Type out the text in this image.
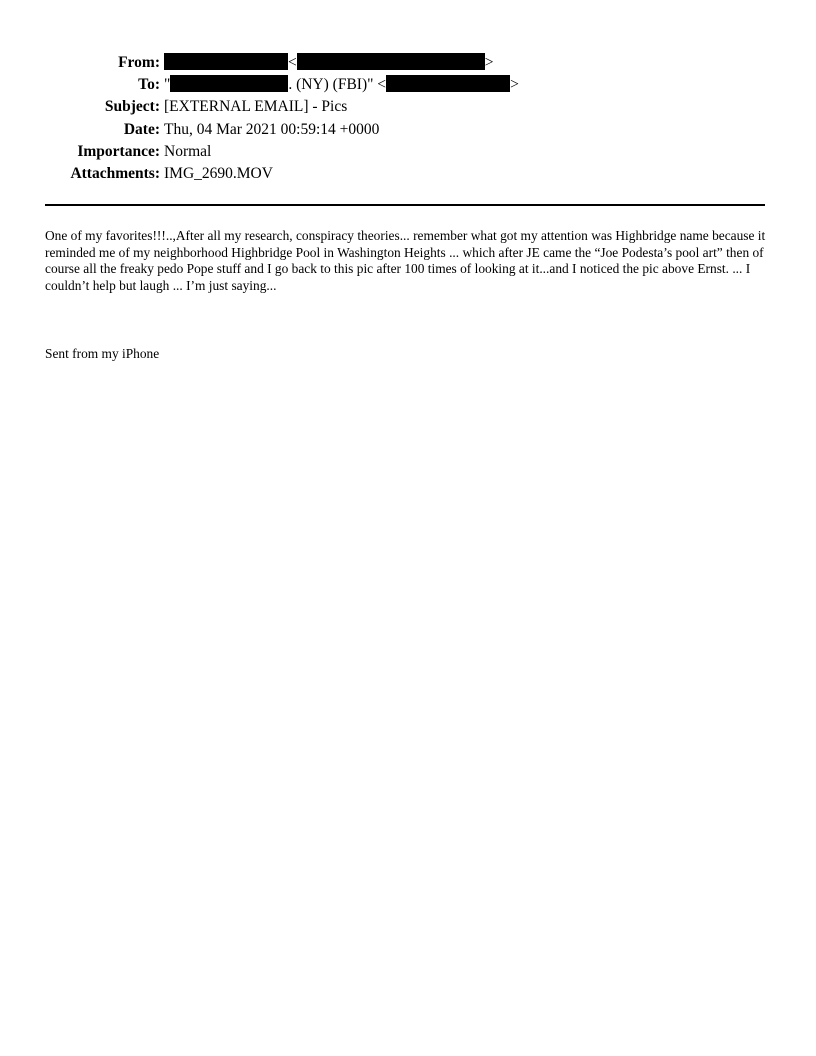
From:	<	>
To: "	. (NY) (FBI)" <	>
Subject: [EXTERNAL EMAIL] - Pics
Date: Thu, 04 Mar 2021 00:59:14 +0000
Importance: Normal
Attachments: IMG_2690.MOV
One of my favorites!!!..,After all my research, conspiracy theories... remember what got my attention was Highbridge name because it reminded me of my neighborhood Highbridge Pool in Washington Heights ... which after JE came the “Joe Podesta’s pool art” then of course all the freaky pedo Pope stuff and I go back to this pic after 100 times of looking at it...and I noticed the pic above Ernst. ... I couldn’t help but laugh ... I’m just saying...
Sent from my iPhone
